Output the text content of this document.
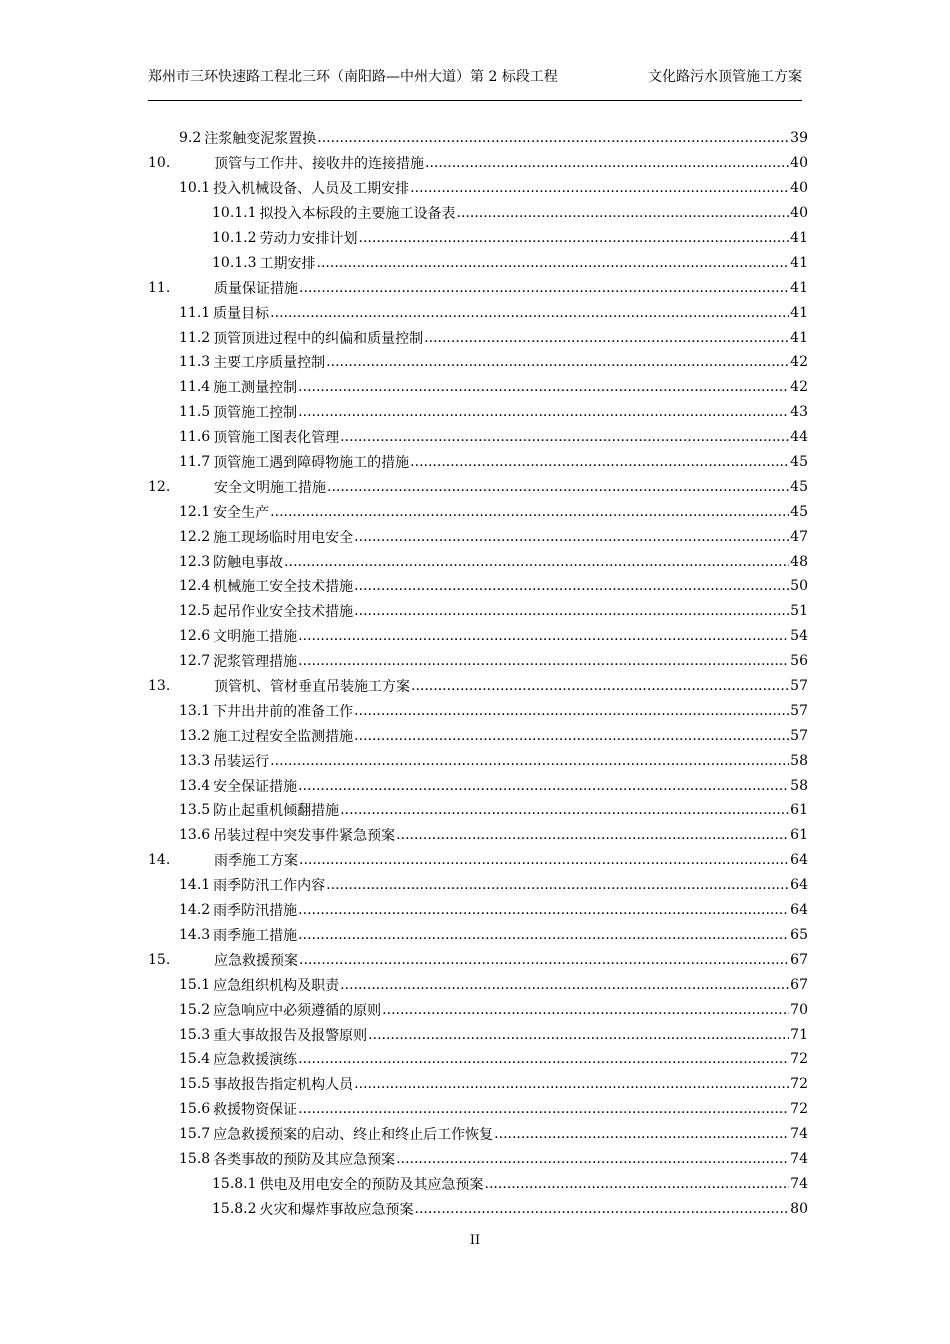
郑州市三环快速路工程北三环（南阳路—中州大道）第 2 标段工程	文化路污水顶管施工方案
9.2 注浆触变泥浆置换 .....	39
10.	顶管与工作井、接收井的连接措施 .....	40
10.1 投入机械设备、人员及工期安排 .....	40
10.1.1 拟投入本标段的主要施工设备表 .....	40
10.1.2 劳动力安排计划 .....	41
10.1.3 工期安排 .....	41
11.	质量保证措施 .....	41
11.1 质量目标 .....	41
11.2 顶管顶进过程中的纠偏和质量控制 .....	41
11.3 主要工序质量控制 .....	42
11.4 施工测量控制 .....	42
11.5 顶管施工控制 .....	43
11.6 顶管施工图表化管理 .....	44
11.7 顶管施工遇到障碍物施工的措施 .....	45
12.	安全文明施工措施 .....	45
12.1 安全生产 .....	45
12.2 施工现场临时用电安全 .....	47
12.3 防触电事故 .....	48
12.4 机械施工安全技术措施 .....	50
12.5 起吊作业安全技术措施 .....	51
12.6 文明施工措施 .....	54
12.7 泥浆管理措施 .....	56
13.	顶管机、管材垂直吊装施工方案 .....	57
13.1 下井出井前的准备工作 .....	57
13.2 施工过程安全监测措施 .....	57
13.3 吊装运行 .....	58
13.4 安全保证措施 .....	58
13.5 防止起重机倾翻措施 .....	61
13.6 吊装过程中突发事件紧急预案 .....	61
14.	雨季施工方案 .....	64
14.1 雨季防汛工作内容 .....	64
14.2 雨季防汛措施 .....	64
14.3 雨季施工措施 .....	65
15.	应急救援预案 .....	67
15.1 应急组织机构及职责 .....	67
15.2 应急响应中必须遵循的原则 .....	70
15.3 重大事故报告及报警原则 .....	71
15.4 应急救援演练 .....	72
15.5 事故报告指定机构人员 .....	72
15.6 救援物资保证 .....	72
15.7 应急救援预案的启动、终止和终止后工作恢复 .....	74
15.8 各类事故的预防及其应急预案 .....	74
15.8.1 供电及用电安全的预防及其应急预案 .....	74
15.8.2 火灾和爆炸事故应急预案 .....	80
II
